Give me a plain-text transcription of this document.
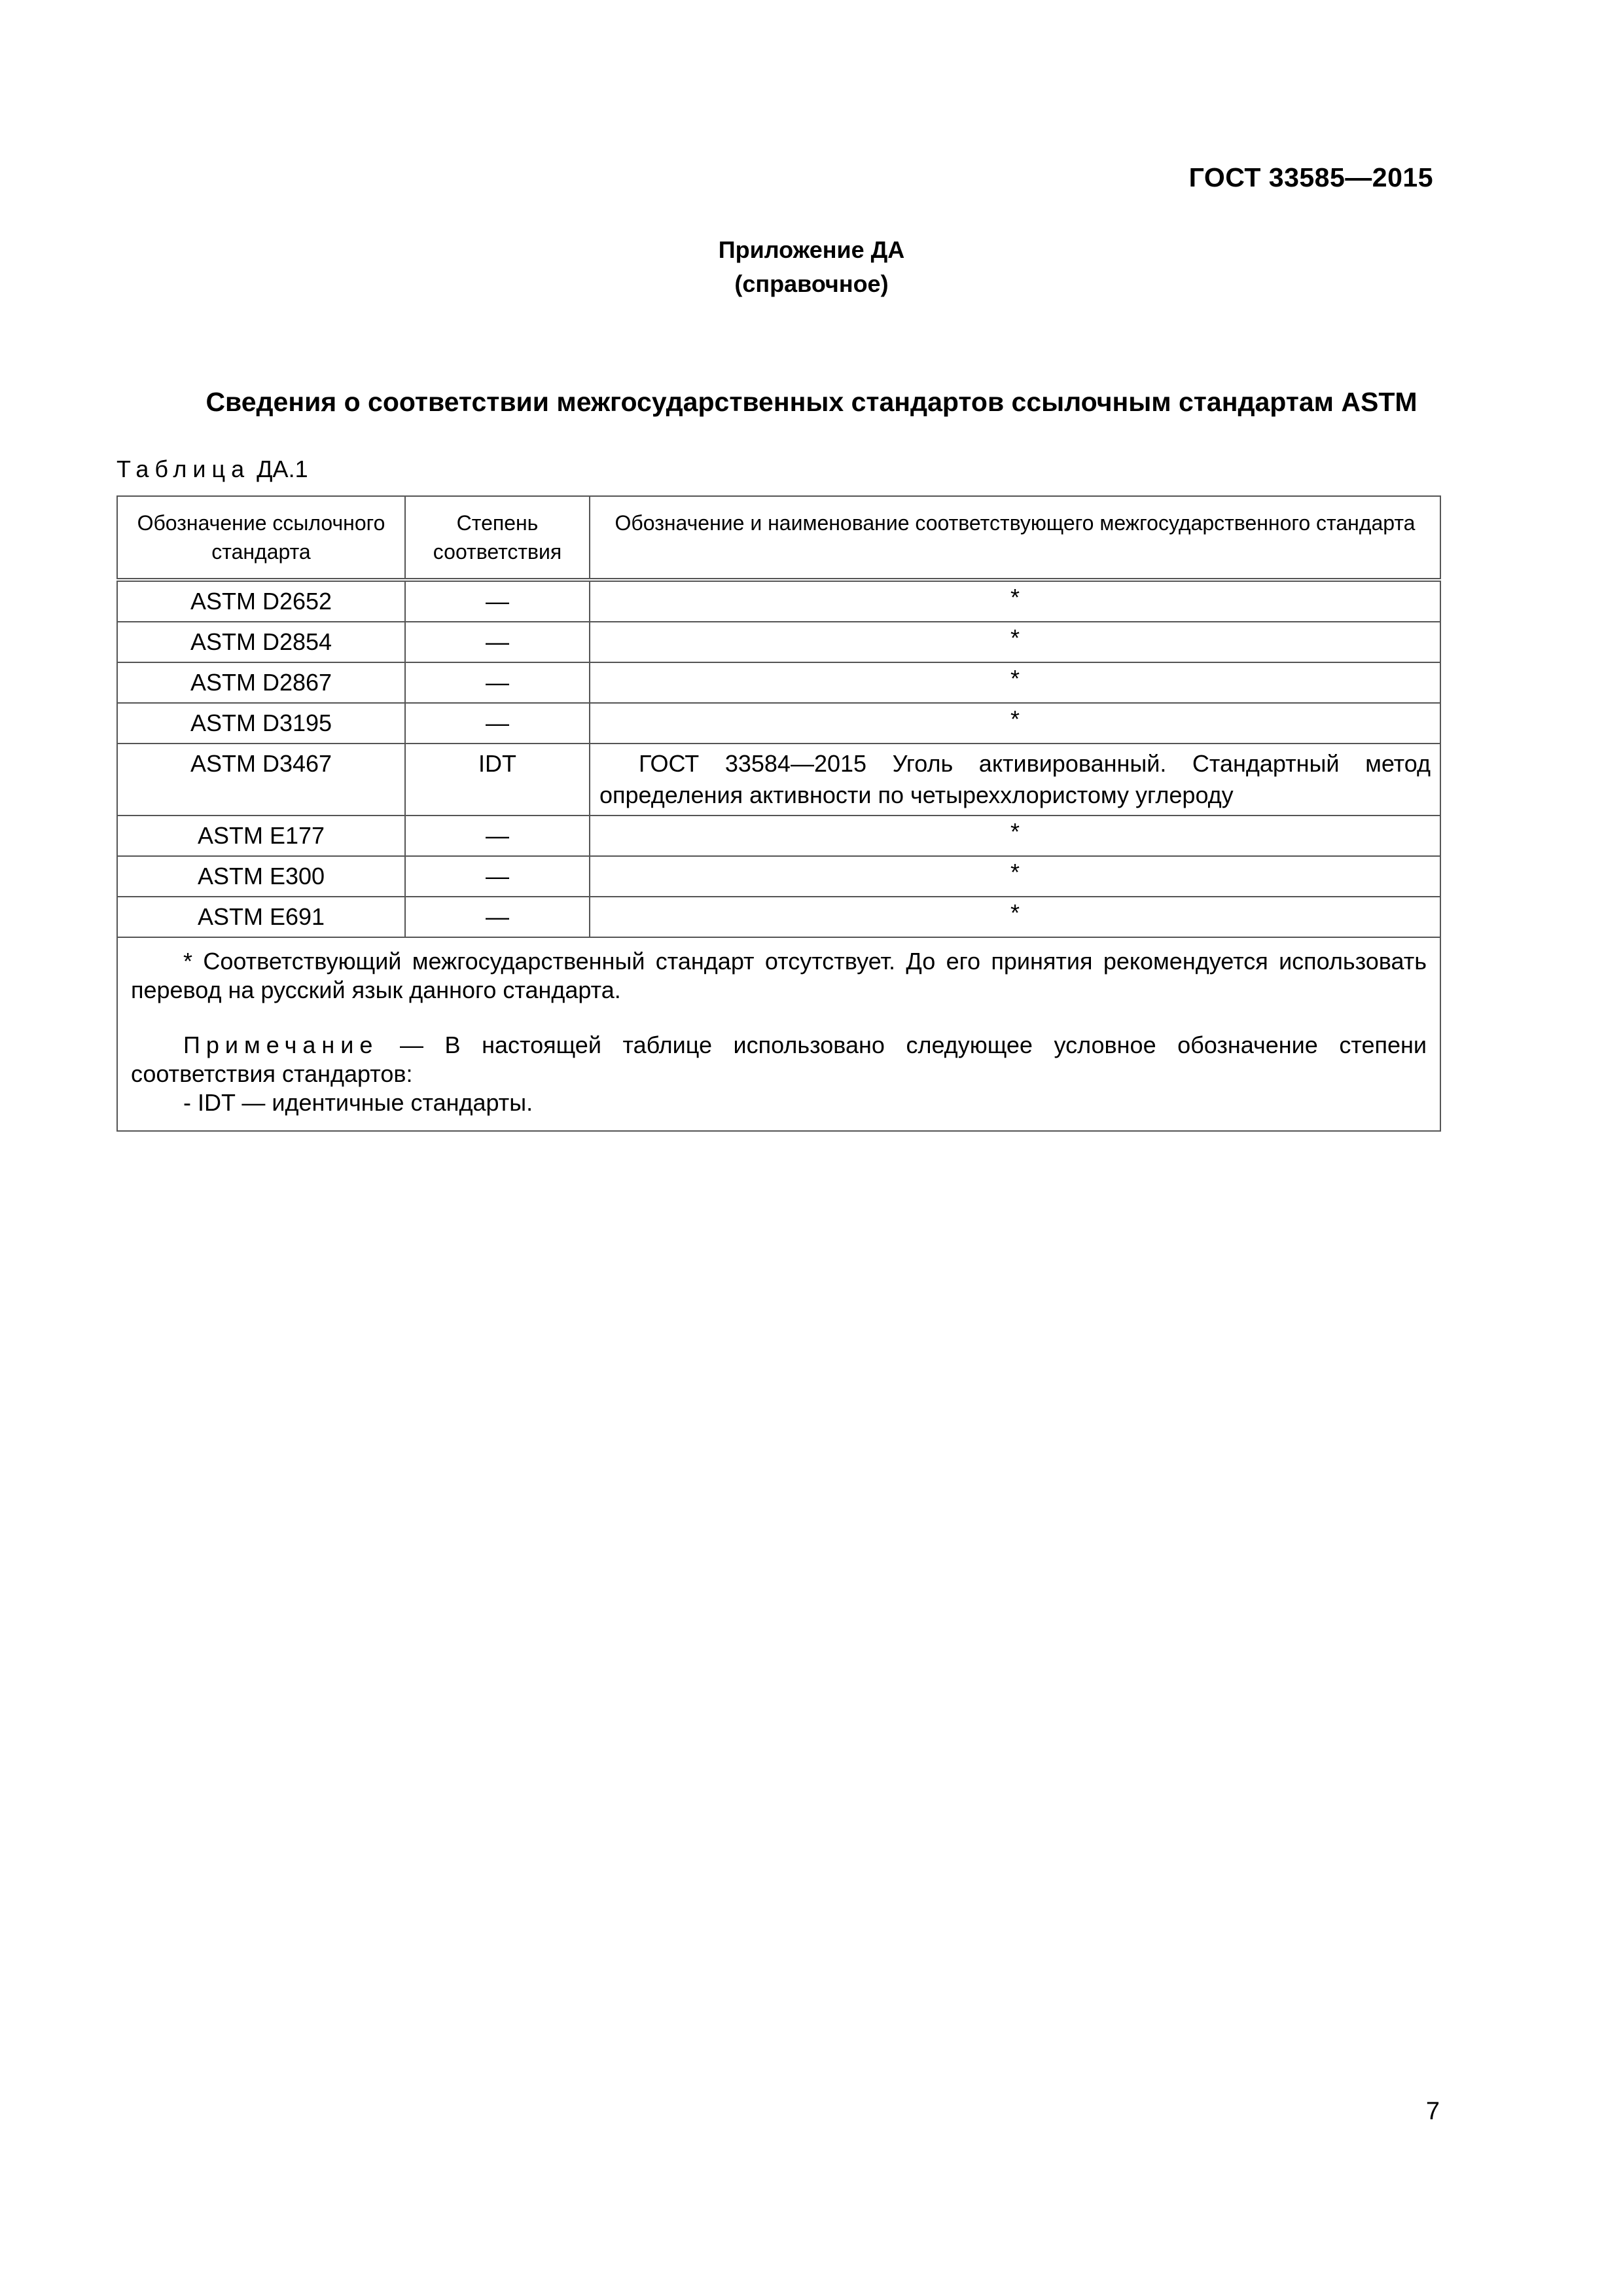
ГОСТ 33585—2015
Приложение ДА
(справочное)
Сведения о соответствии межгосударственных стандартов ссылочным стандартам ASTM
Таблица ДА.1
Обозначение ссылочного стандарта	Степень соответствия	Обозначение и наименование соответствующего межгосударственного стандарта
ASTM D2652	—	*
ASTM D2854	—	*
ASTM D2867	—	*
ASTM D3195	—	*
ASTM D3467	IDT	ГОСТ 33584—2015 Уголь активированный. Стандартный метод определения активности по четыреххлористому углероду
ASTM E177	—	*
ASTM E300	—	*
ASTM E691	—	*

* Соответствующий межгосударственный стандарт отсутствует. До его принятия рекомендуется использовать перевод на русский язык данного стандарта.

Примечание — В настоящей таблице использовано следующее условное обозначение степени соответствия стандартов:

- IDT — идентичные стандарты.		

7
